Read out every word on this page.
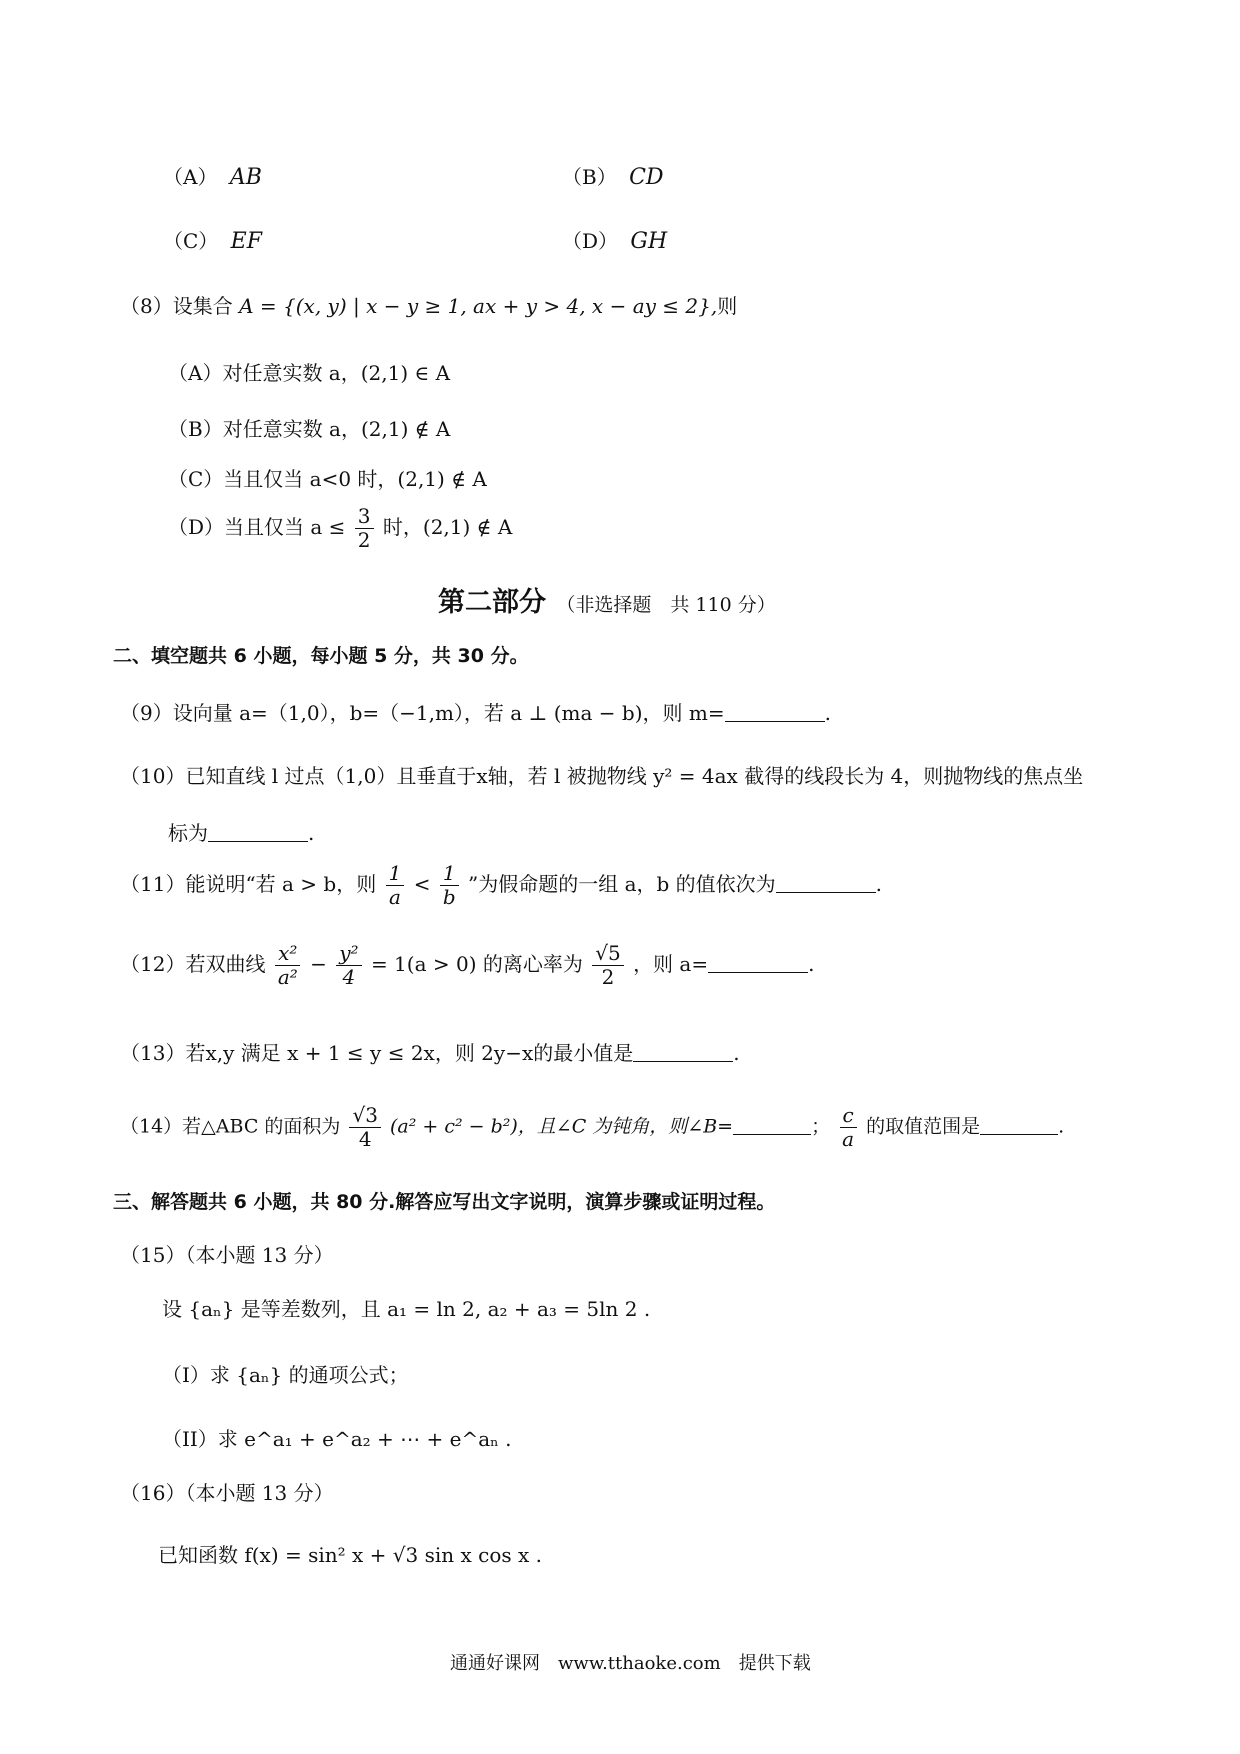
（A） AB	（B） CD
（C） EF	（D） GH
（8）设集合 A = {(x, y) | x − y ≥ 1, ax + y > 4, x − ay ≤ 2},则
（A）对任意实数 a，(2,1) ∈ A
（B）对任意实数 a，(2,1) ∉ A
（C）当且仅当 a<0 时，(2,1) ∉ A
（D）当且仅当 $a \le \frac{3}{2}$ 时，(2,1) ∉ A
第二部分 （非选择题　共 110 分）
二、填空题共 6 小题，每小题 5 分，共 30 分。
（9）设向量 a=（1,0），b=（−1,m），若 a ⊥ (ma − b)，则 m=	.
（10）已知直线 l 过点（1,0）且垂直于x轴，若 l 被抛物线 y² = 4ax 截得的线段长为 4，则抛物线的焦点坐
标为	.
（11）能说明“若 a > b，则 $\frac{1}{a} < \frac{1}{b}$ ”为假命题的一组 a，b 的值依次为	.
（12）若双曲线 $\frac{\text{x²}}{\text{a²}} - \frac{\text{y²}}{4} = 1(a > 0)$ 的离心率为 $\frac{√5}{2}$ ，则 a=	.
（13）若x,y 满足 x + 1 ≤ y ≤ 2x，则 2y−x的最小值是	.
（14）若△ABC 的面积为 $\frac{√3}{4} (a^2 + c^2 - b^2)$，且∠C 为钝角，则∠B=	； $\frac{c}{a}$ 的取值范围是	.
三、解答题共 6 小题，共 80 分.解答应写出文字说明，演算步骤或证明过程。
（15）（本小题 13 分）
设 {aₙ} 是等差数列，且 a₁ = ln 2, a₂ + a₃ = 5ln 2 .
（I）求 {aₙ} 的通项公式；
（II）求 e^a₁ + e^a₂ + ⋯ + e^aₙ .
（16）（本小题 13 分）
已知函数 f(x) = sin² x + √3 sin x cos x .
通通好课网　www.tthaoke.com　提供下载
